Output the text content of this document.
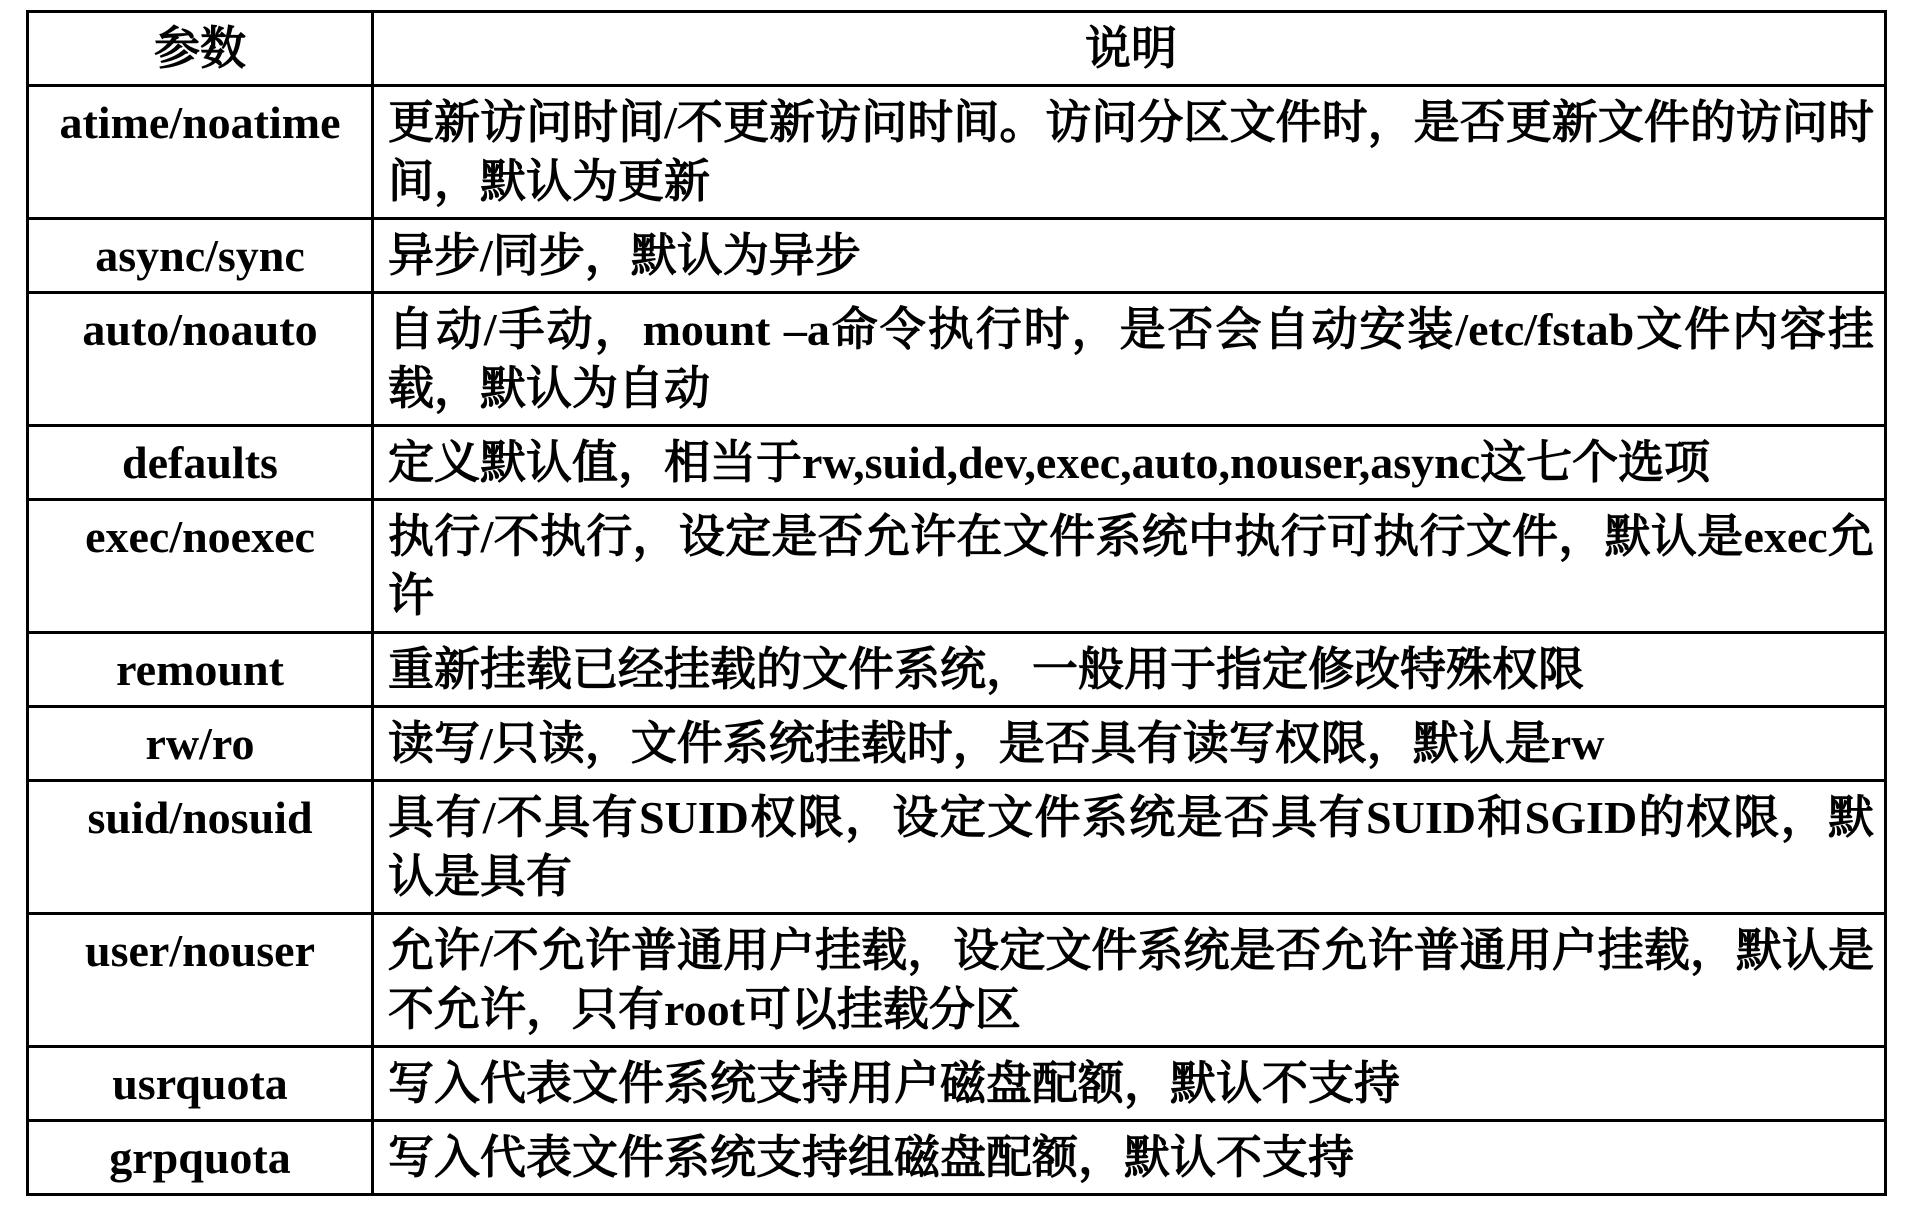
参数	说明
atime/noatime	更新访问时间/不更新访问时间。访问分区文件时，是否更新文件的访问时间，默认为更新
async/sync	异步/同步，默认为异步
auto/noauto	自动/手动，mount –a命令执行时，是否会自动安装/etc/fstab文件内容挂载，默认为自动
defaults	定义默认值，相当于rw,suid,dev,exec,auto,nouser,async这七个选项
exec/noexec	执行/不执行，设定是否允许在文件系统中执行可执行文件，默认是exec允许
remount	重新挂载已经挂载的文件系统，一般用于指定修改特殊权限
rw/ro	读写/只读，文件系统挂载时，是否具有读写权限，默认是rw
suid/nosuid	具有/不具有SUID权限，设定文件系统是否具有SUID和SGID的权限，默认是具有
user/nouser	允许/不允许普通用户挂载，设定文件系统是否允许普通用户挂载，默认是不允许，只有root可以挂载分区
usrquota	写入代表文件系统支持用户磁盘配额，默认不支持
grpquota	写入代表文件系统支持组磁盘配额，默认不支持
